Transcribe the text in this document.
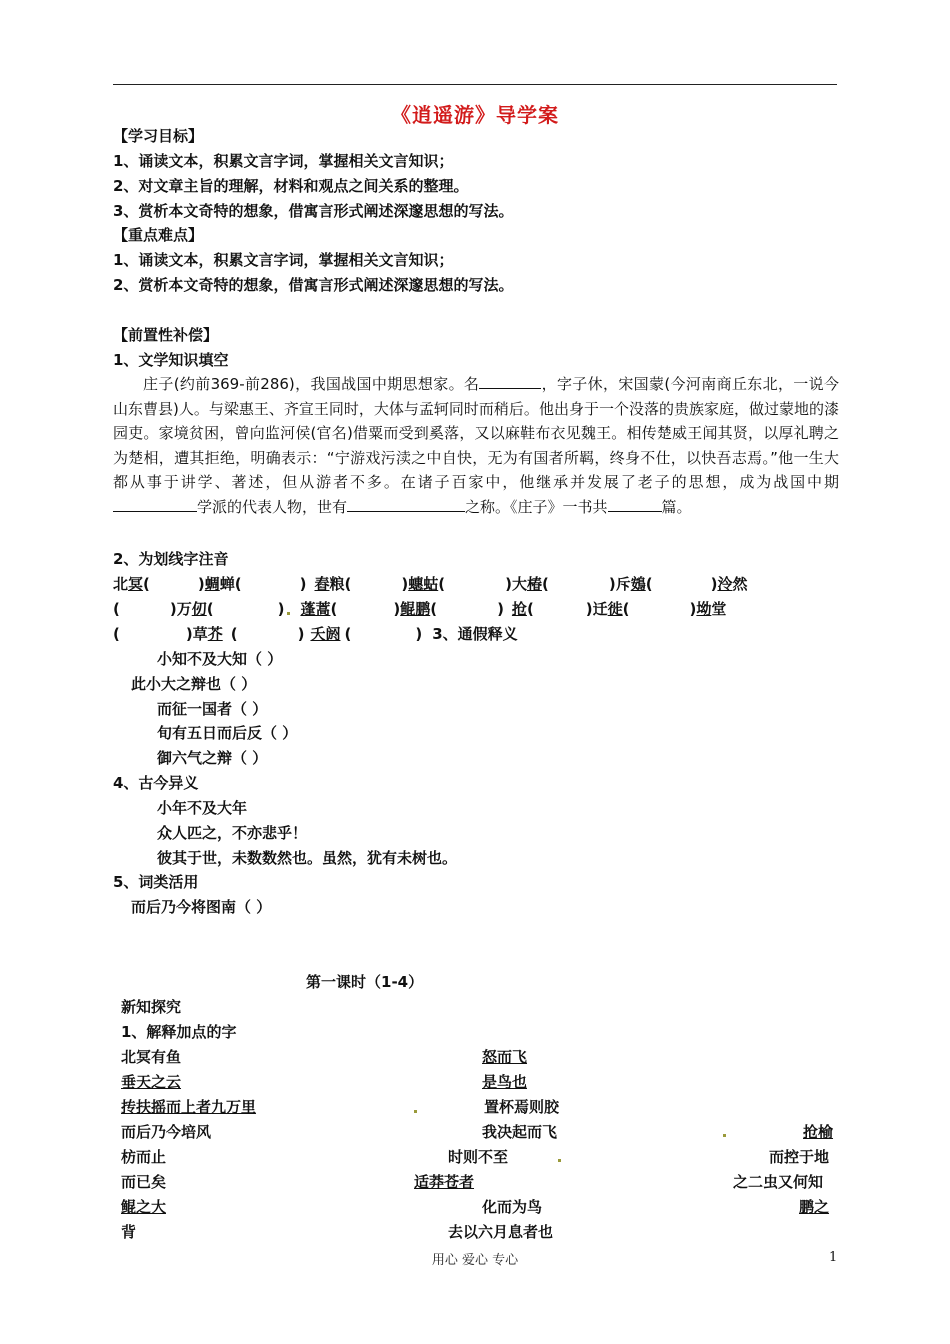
《逍遥游》导学案
【学习目标】
1、诵读文本，积累文言字词，掌握相关文言知识；
2、对文章主旨的理解，材料和观点之间关系的整理。
3、赏析本文奇特的想象，借寓言形式阐述深邃思想的写法。
【重点难点】
1、诵读文本，积累文言字词，掌握相关文言知识；
2、赏析本文奇特的想象，借寓言形式阐述深邃思想的写法。
【前置性补偿】
1、文学知识填空
庄子(约前369-前286)，我国战国中期思想家。名	，字子休，宋国蒙(今河南商丘东北，一说今山东曹县)人。与梁惠王、齐宣王同时，大体与孟轲同时而稍后。他出身于一个没落的贵族家庭，做过蒙地的漆园吏。家境贫困，曾向监河侯(官名)借粟而受到奚落，又以麻鞋布衣见魏王。相传楚威王闻其贤，以厚礼聘之为楚相，遭其拒绝，明确表示：“宁游戏污渎之中自快，无为有国者所羁，终身不仕，以快吾志焉。”他一生大都从事于讲学、著述，但从游者不多。在诸子百家中，他继承并发展了老子的思想，成为战国中期学派的代表人物，世有	之称。《庄子》一书共	篇。
2、为划线字注音
北冥(	)蜩蝉(	) 舂粮(	)蟪蛄(	)大椿(	)斥鴳(	)泠然
(	)万仞(	) 蓬蒿(	)鲲鹏(	) 抢(	)迁徙(	)坳堂
(	)草芥 (	) 夭阏 (	) 3、通假释义
小知不及大知（ ）
此小大之辩也（ ）
而征一国者（ ）
旬有五日而后反（ ）
御六气之辩（ ）
4、古今异义
小年不及大年
众人匹之，不亦悲乎！
彼其于世，未数数然也。虽然，犹有未树也。
5、词类活用
而后乃今将图南（ ）
第一课时（1-4）
新知探究
1、解释加点的字
北冥有鱼	怒而飞
垂天之云	是鸟也
抟扶摇而上者九万里	置杯焉则胶
而后乃今培风	我决起而飞	抢榆
枋而止	时则不至	而控于地
而已矣	适莽苍者	之二虫又何知
鲲之大	化而为鸟	鹏之
背	去以六月息者也
用心 爱心 专心	1
